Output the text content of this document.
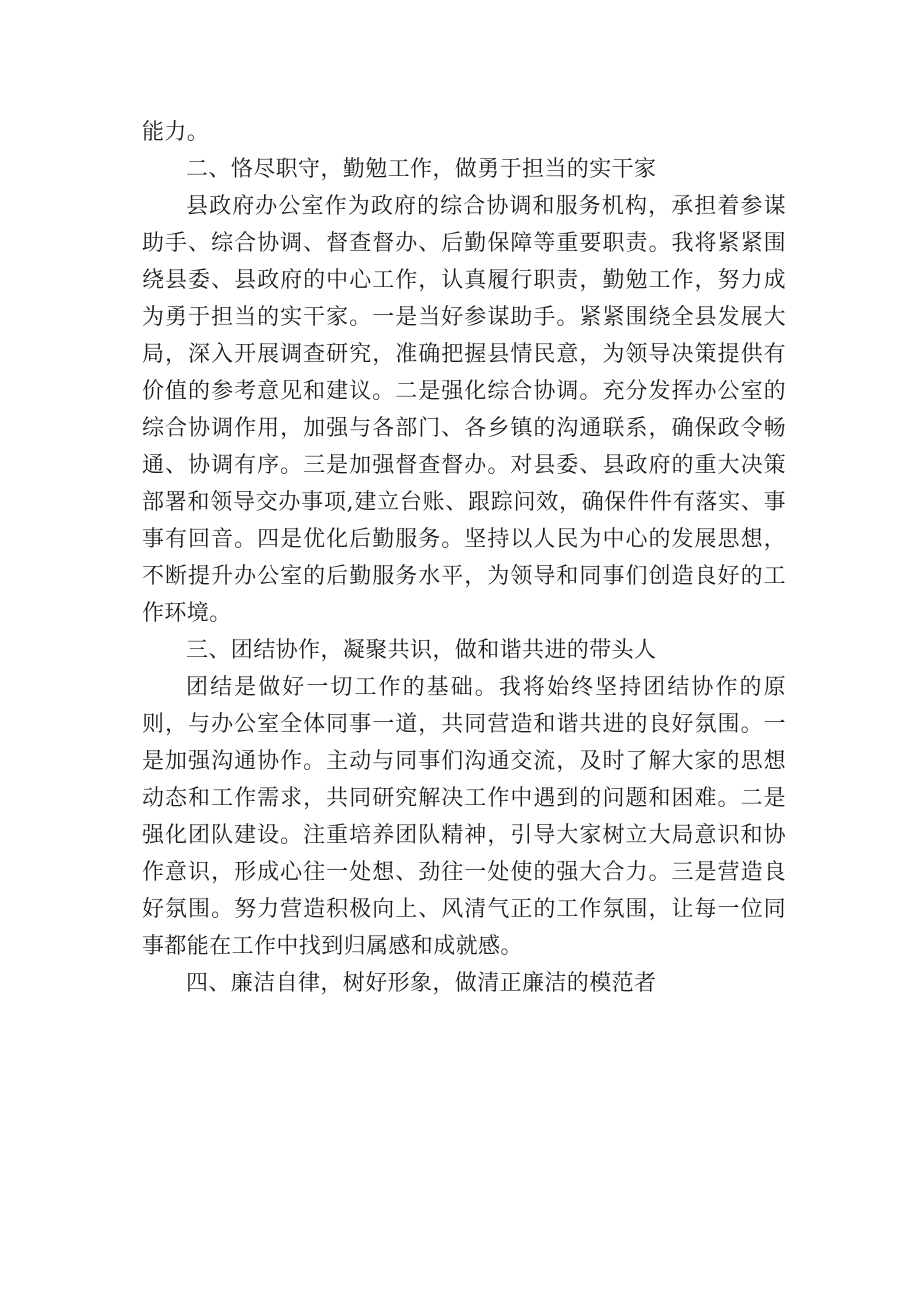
能力。

二、恪尽职守，勤勉工作，做勇于担当的实干家

县政府办公室作为政府的综合协调和服务机构，承担着参谋助手、综合协调、督查督办、后勤保障等重要职责。我将紧紧围绕县委、县政府的中心工作，认真履行职责，勤勉工作，努力成为勇于担当的实干家。一是当好参谋助手。紧紧围绕全县发展大局，深入开展调查研究，准确把握县情民意，为领导决策提供有价值的参考意见和建议。二是强化综合协调。充分发挥办公室的综合协调作用，加强与各部门、各乡镇的沟通联系，确保政令畅通、协调有序。三是加强督查督办。对县委、县政府的重大决策部署和领导交办事项,建立台账、跟踪问效，确保件件有落实、事事有回音。四是优化后勤服务。坚持以人民为中心的发展思想，不断提升办公室的后勤服务水平，为领导和同事们创造良好的工作环境。

三、团结协作，凝聚共识，做和谐共进的带头人

团结是做好一切工作的基础。我将始终坚持团结协作的原则，与办公室全体同事一道，共同营造和谐共进的良好氛围。一是加强沟通协作。主动与同事们沟通交流，及时了解大家的思想动态和工作需求，共同研究解决工作中遇到的问题和困难。二是强化团队建设。注重培养团队精神，引导大家树立大局意识和协作意识，形成心往一处想、劲往一处使的强大合力。三是营造良好氛围。努力营造积极向上、风清气正的工作氛围，让每一位同事都能在工作中找到归属感和成就感。

四、廉洁自律，树好形象，做清正廉洁的模范者
